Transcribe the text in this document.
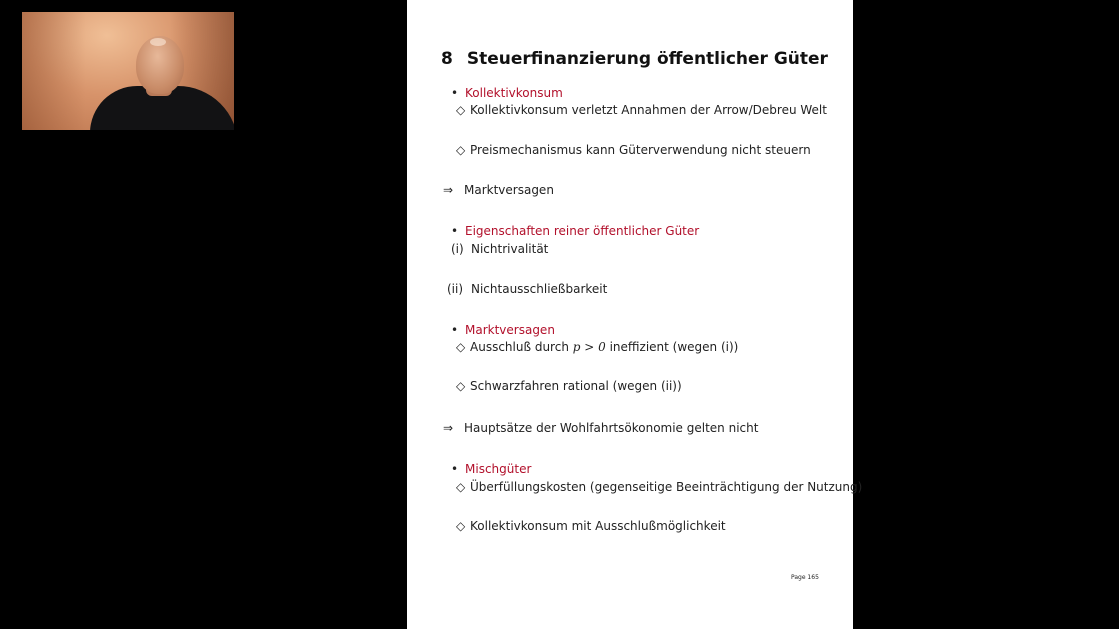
8 Steuerfinanzierung öffentlicher Güter
• Kollektivkonsum
◇ Kollektivkonsum verletzt Annahmen der Arrow/Debreu Welt
◇ Preismechanismus kann Güterverwendung nicht steuern
⇒ Marktversagen
• Eigenschaften reiner öffentlicher Güter
(i) Nichtrivalität
(ii) Nichtausschließbarkeit
• Marktversagen
◇ Ausschluß durch p > 0 ineffizient (wegen (i))
◇ Schwarzfahren rational (wegen (ii))
⇒ Hauptsätze der Wohlfahrtsökonomie gelten nicht
• Mischgüter
◇ Überfüllungskosten (gegenseitige Beeinträchtigung der Nutzung)
◇ Kollektivkonsum mit Ausschlußmöglichkeit
Page 165
